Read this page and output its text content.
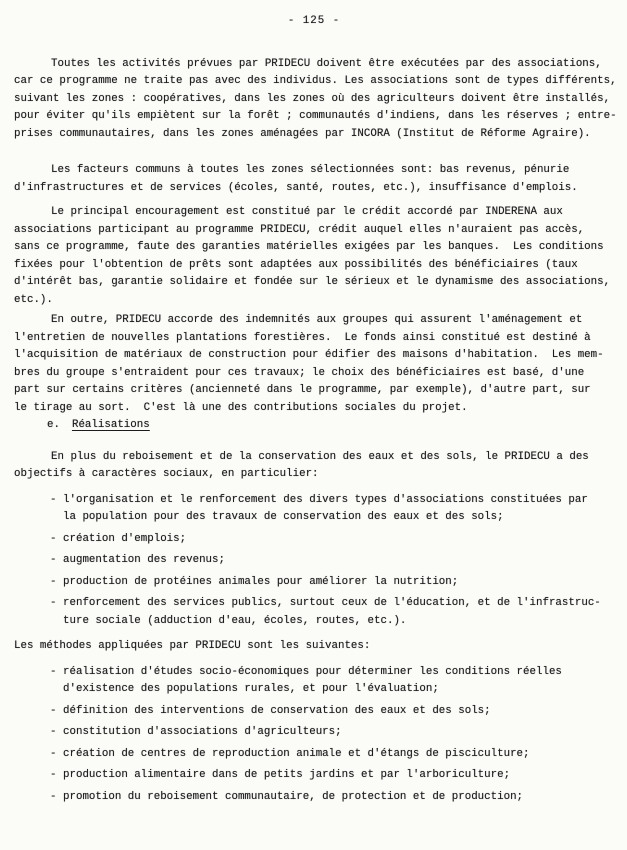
- 125 -
Toutes les activités prévues par PRIDECU doivent être exécutées par des associations,
car ce programme ne traite pas avec des individus. Les associations sont de types différents,
suivant les zones : coopératives, dans les zones où des agriculteurs doivent être installés,
pour éviter qu'ils empiètent sur la forêt ; communautés d'indiens, dans les réserves ; entre-
prises communautaires, dans les zones aménagées par INCORA (Institut de Réforme Agraire).
Les facteurs communs à toutes les zones sélectionnées sont: bas revenus, pénurie
d'infrastructures et de services (écoles, santé, routes, etc.), insuffisance d'emplois.
Le principal encouragement est constitué par le crédit accordé par INDERENA aux
associations participant au programme PRIDECU, crédit auquel elles n'auraient pas accès,
sans ce programme, faute des garanties matérielles exigées par les banques.  Les conditions
fixées pour l'obtention de prêts sont adaptées aux possibilités des bénéficiaires (taux
d'intérêt bas, garantie solidaire et fondée sur le sérieux et le dynamisme des associations,
etc.).
En outre, PRIDECU accorde des indemnités aux groupes qui assurent l'aménagement et
l'entretien de nouvelles plantations forestières.  Le fonds ainsi constitué est destiné à
l'acquisition de matériaux de construction pour édifier des maisons d'habitation.  Les mem-
bres du groupe s'entraident pour ces travaux; le choix des bénéficiaires est basé, d'une
part sur certains critères (ancienneté dans le programme, par exemple), d'autre part, sur
le tirage au sort.  C'est là une des contributions sociales du projet.
e. Réalisations
En plus du reboisement et de la conservation des eaux et des sols, le PRIDECU a des
objectifs à caractères sociaux, en particulier:
- l'organisation et le renforcement des divers types d'associations constituées par
la population pour des travaux de conservation des eaux et des sols;
- création d'emplois;
- augmentation des revenus;
- production de protéines animales pour améliorer la nutrition;
- renforcement des services publics, surtout ceux de l'éducation, et de l'infrastruc-
ture sociale (adduction d'eau, écoles, routes, etc.).
Les méthodes appliquées par PRIDECU sont les suivantes:
- réalisation d'études socio-économiques pour déterminer les conditions réelles
d'existence des populations rurales, et pour l'évaluation;
- définition des interventions de conservation des eaux et des sols;
- constitution d'associations d'agriculteurs;
- création de centres de reproduction animale et d'étangs de pisciculture;
- production alimentaire dans de petits jardins et par l'arboriculture;
- promotion du reboisement communautaire, de protection et de production;
